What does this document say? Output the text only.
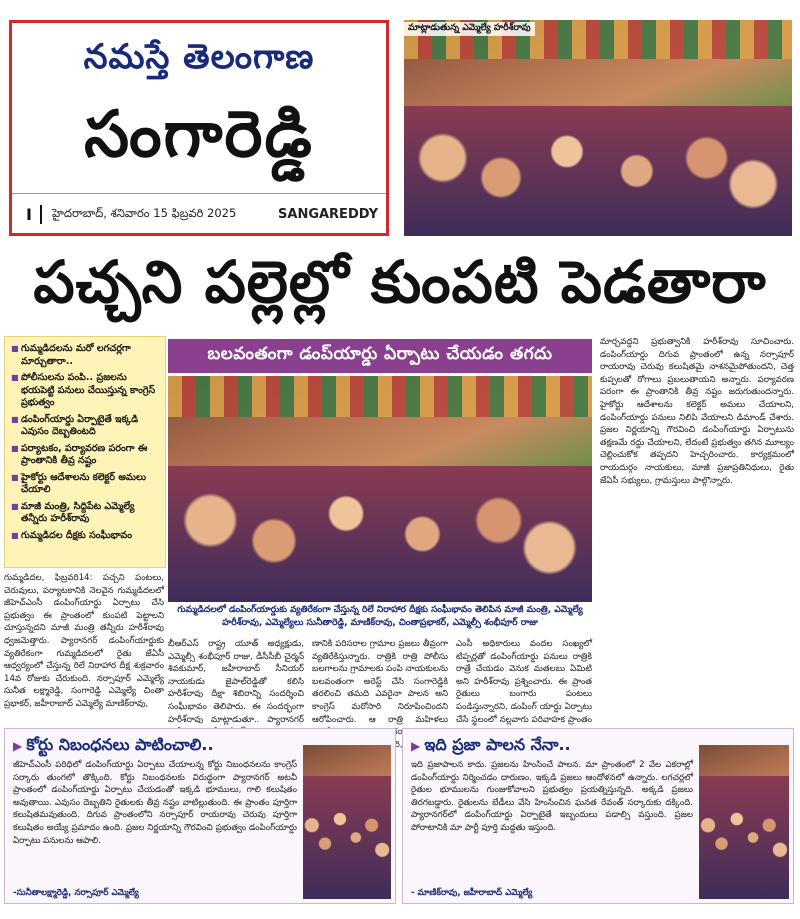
నమస్తే తెలంగాణ
సంగారెడ్డి
I	హైదరాబాద్, శనివారం 15 ఫిబ్రవరి 2025	SANGAREDDY
మాట్లాడుతున్న ఎమ్మెల్యే హరీశ్‌రావు
పచ్చని పల్లెల్లో కుంపటి పెడతారా
■ గుమ్మడిదలను మరో లగచర్లగా మార్చుతారా..
■ పోలీసులను పంపి.. ప్రజలను భయపెట్టి పనులు చేయిస్తున్న కాంగ్రెస్ ప్రభుత్వం
■ డంపింగ్‌యార్డు ఏర్పాటైతే ఇక్కడి ఎవుసం దెబ్బతింటది
■ పర్యాటకం, పర్యావరణ పరంగా ఈ ప్రాంతానికి తీవ్ర నష్టం
■ హైకోర్టు ఆదేశాలను కలెక్టర్ అమలు చేయాలి
■ మాజీ మంత్రి, సిద్దిపేట ఎమ్మెల్యే తన్నీరు హరీశ్‌రావు
■ గుమ్మడిదల దీక్షకు సంఘీభావం
బలవంతంగా డంప్‌యార్డు ఏర్పాటు చేయడం తగదు
గుమ్మడిదలలో డంపింగ్‌యార్డుకు వ్యతిరేకంగా చేస్తున్న రిలే నిరాహార దీక్షకు సంఘీభావం తెలిపిన మాజీ మంత్రి, ఎమ్మెల్యే హరీశ్‌రావు, ఎమ్మెల్యేలు సునీతారెడ్డి, మాణిక్‌రావు, చింతాప్రభాకర్, ఎమ్మెల్సీ శంభీపూర్ రాజు
గుమ్మడిదల, ఫిబ్రవరి14: పచ్చని పంటలు, చెరువులు, పర్యాటకానికి నెలవైన గుమ్మడిదలలో జీహెచ్ఎంసీ డంపింగ్‌యార్డు ఏర్పాటు చేసి ప్రభుత్వం ఈ ప్రాంతంలో కుంపటి పెట్టాలని చూస్తున్నదని మాజీ మంత్రి తన్నీరు హరీశ్‌రావు ధ్వజమెత్తారు. ప్యారానగర్ డంపింగ్‌యార్డుకు వ్యతిరేకంగా గుమ్మడిదలలో రైతు జేఏసీ ఆధ్వర్యంలో చేస్తున్న రిలే నిరాహార దీక్ష శుక్రవారం 14వ రోజుకు చేరుకుంది. నర్సాపూర్ ఎమ్మెల్యే సునీత లక్ష్మారెడ్డి, సంగారెడ్డి ఎమ్మెల్యే చింతా ప్రభాకర్, జహీరాబాద్ ఎమ్మెల్యే మాణిక్‌రావు,
బీఆర్ఎస్ రాష్ట్ర యూత్ అధ్యక్షుడు, ఎమ్మెల్సీ శంభీపూర్ రాజు, డీసీసీబీ చైర్మన్ శివకుమార్, జహీరాబాద్ సీనియర్ నాయకుడు జైపాల్‌రెడ్డితో కలిసి హరీశ్‌రావు దీక్షా శిబిరాన్ని సందర్శించి సంఘీభావం తెలిపారు. ఈ సందర్భంగా హరీశ్‌రావు మాట్లాడుతూ.. ప్యారానగర్
ణానికి పరిసరాల గ్రామాల ప్రజలు తీవ్రంగా వ్యతిరేకిస్తున్నారు. రాత్రికి రాత్రి పోలీసు బలగాలను గ్రామాలకు పంపి నాయకులను బలవంతంగా అరెస్ట్ చేసి సంగారెడ్డికి తరలించి తమది ఎవరైనా పాలన అని కాంగ్రెస్ మరోసారి నిరూపించిందని ఆరోపించారు. ఆ రాత్రి మహిళలు
ఎంసీ అధికారులు వందల సంఖ్యలో టిప్పర్లతో డంపింగ్‌యార్డు పనులు రాత్రికి రాత్రే చేయడం వెనుక మతలబు ఏమిటి అని హరీశ్‌రావు ప్రశ్నించారు. ఈ ప్రాంత రైతులు బంగారు పంటలు పండిస్తున్నారని, డంపింగ్ యార్డు ఏర్పాటు చేసే స్థలంలో నల్లవాగు పరివాహక ప్రాంతం
మార్చవద్దని ప్రభుత్వానికి హరీశ్‌రావు సూచించారు. డంపింగ్‌యార్డు దిగువ ప్రాంతంలో ఉన్న నర్సాపూర్ రాయరావు చెరువు కలుషితమై నాశనమైపోతుందని, చెత్త కుప్పలతో రోగాలు ప్రబలుతాయని అన్నారు. పర్యావరణ పరంగా ఈ ప్రాంతానికి తీవ్ర నష్టం జరుగుతుందన్నారు. హైకోర్టు ఆదేశాలను కలెక్టర్ అమలు చేయాలని, డంపింగ్‌యార్డు పనులు నిలిపి వేయాలని డిమాండ్ చేశారు. ప్రజల నిర్ణయాన్ని గౌరవించి డంపింగ్‌యార్డు ఏర్పాటును తక్షణమే రద్దు చేయాలని, లేదంటే ప్రభుత్వం తగిన మూల్యం చెల్లించుకోక తప్పదని హెచ్చరించారు. కార్యక్రమంలో రాయదుర్గం నాయకులు, మాజీ ప్రజాప్రతినిధులు, రైతు జేఏసీ సభ్యులు, గ్రామస్తులు పాల్గొన్నారు.
▶ కోర్టు నిబంధనలు పాటించాలి..
జీహెచ్ఎంసీ పరిధిలో డంపింగ్‌యార్డు ఏర్పాటు చేయాలన్న కోర్టు నిబంధనలను కాంగ్రెస్ సర్కారు తుంగలో తొక్కింది. కోర్టు నిబంధనలకు విరుద్ధంగా ప్యారానగర్ అటవీ ప్రాంతంలో డంపింగ్‌యార్డు ఏర్పాటు చేయడంతో ఇక్కడి భూములు, గాలి కలుషితం అవుతాయి. ఎవుసం దెబ్బతిని రైతులకు తీవ్ర నష్టం వాటిల్లుతుంది. ఈ ప్రాంతం పూర్తిగా కలుషితమవుతుంది. దిగువ ప్రాంతంలోని నర్సాపూర్ రాయరావు చెరువు పూర్తిగా కలుషితం అయ్యే ప్రమాదం ఉంది. ప్రజల నిర్ణయాన్ని గౌరవించి ప్రభుత్వం డంపింగ్‌యార్డు ఏర్పాటు పనులను ఆపాలి.
-సునీతాలక్ష్మారెడ్డి, నర్సాపూర్ ఎమ్మెల్యే
▶ ఇది ప్రజా పాలన నేనా..
ఇది ప్రజాపాలన కాదు. ప్రజలను హింసించే పాలన. మా ప్రాంతంలో 2 వేల ఎకరాల్లో డంపింగ్‌యార్డు నిర్మించడం దారుణం. ఇక్కడి ప్రజలు ఆందోళనలో ఉన్నారు. లగచర్లలో రైతుల భూములను గుంజుకోవాలని ప్రభుత్వం ప్రయత్నిస్తున్నది. అక్కడి ప్రజలు తిరగబడ్డారు. రైతులను బేడీలు వేసి హింసించిన ఘనత రేవంత్ సర్కారుకు దక్కింది. ప్యారానగర్‌లో డంపింగ్‌యార్డు ఏర్పాటైతే ఇబ్బందులు పడాల్సి వస్తుంది. ప్రజల పోరాటానికి మా పార్టీ పూర్తి మద్దతు ఇస్తుంది.
- మాణిక్‌రావు, జహీరాబాద్ ఎమ్మెల్యే
